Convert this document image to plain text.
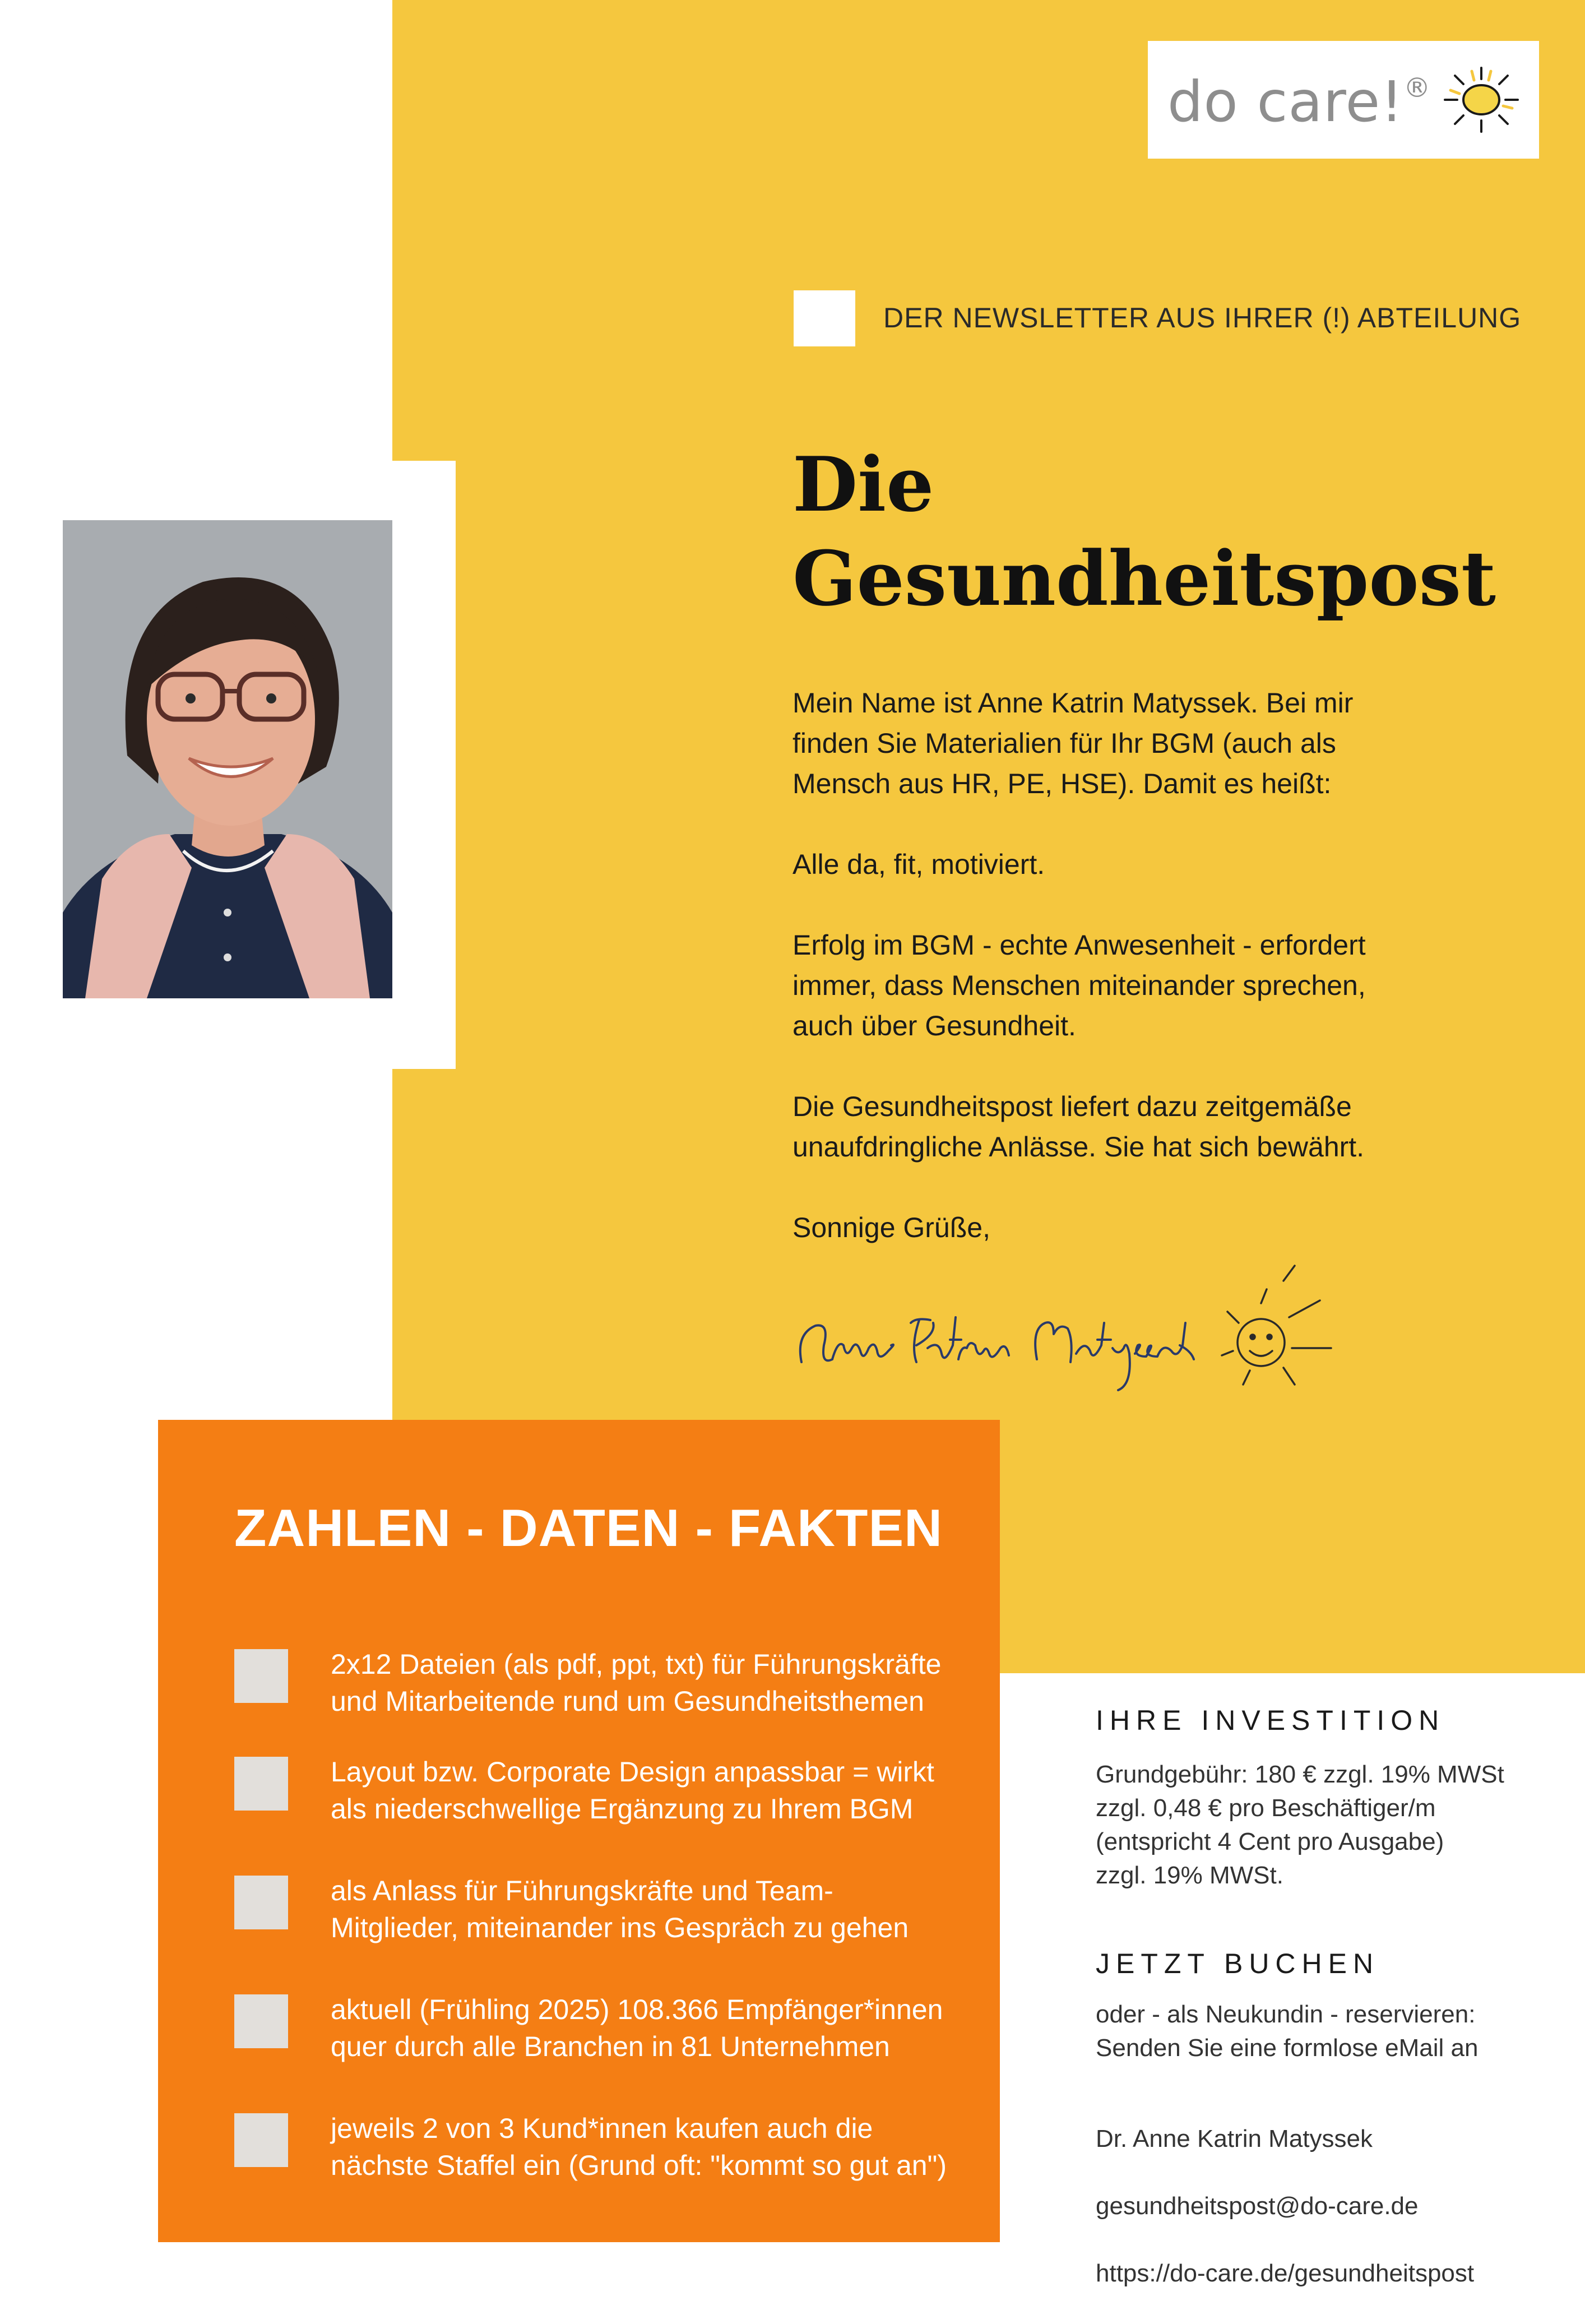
do care!®
DER NEWSLETTER AUS IHRER (!) ABTEILUNG
Die
Gesundheitspost

Mein Name ist Anne Katrin Matyssek. Bei mir
finden Sie Materialien für Ihr BGM (auch als
Mensch aus HR, PE, HSE). Damit es heißt:

Alle da, fit, motiviert.

Erfolg im BGM - echte Anwesenheit - erfordert
immer, dass Menschen miteinander sprechen,
auch über Gesundheit.

Die Gesundheitspost liefert dazu zeitgemäße
unaufdringliche Anlässe. Sie hat sich bewährt.

Sonnige Grüße,

ZAHLEN - DATEN - FAKTEN
2x12 Dateien (als pdf, ppt, txt) für Führungskräfte
und Mitarbeitende rund um Gesundheitsthemen
Layout bzw. Corporate Design anpassbar = wirkt
als niederschwellige Ergänzung zu Ihrem BGM
als Anlass für Führungskräfte und Team-
Mitglieder, miteinander ins Gespräch zu gehen
aktuell (Frühling 2025) 108.366 Empfänger*innen
quer durch alle Branchen in 81 Unternehmen
jeweils 2 von 3 Kund*innen kaufen auch die
nächste Staffel ein (Grund oft: "kommt so gut an")
IHRE INVESTITION
Grundgebühr: 180 € zzgl. 19% MWSt
zzgl. 0,48 € pro Beschäftiger/m
(entspricht 4 Cent pro Ausgabe)
zzgl. 19% MWSt.
JETZT BUCHEN
oder - als Neukundin - reservieren:
Senden Sie eine formlose eMail an

Dr. Anne Katrin Matyssek

gesundheitspost@do-care.de

https://do-care.de/gesundheitspost
